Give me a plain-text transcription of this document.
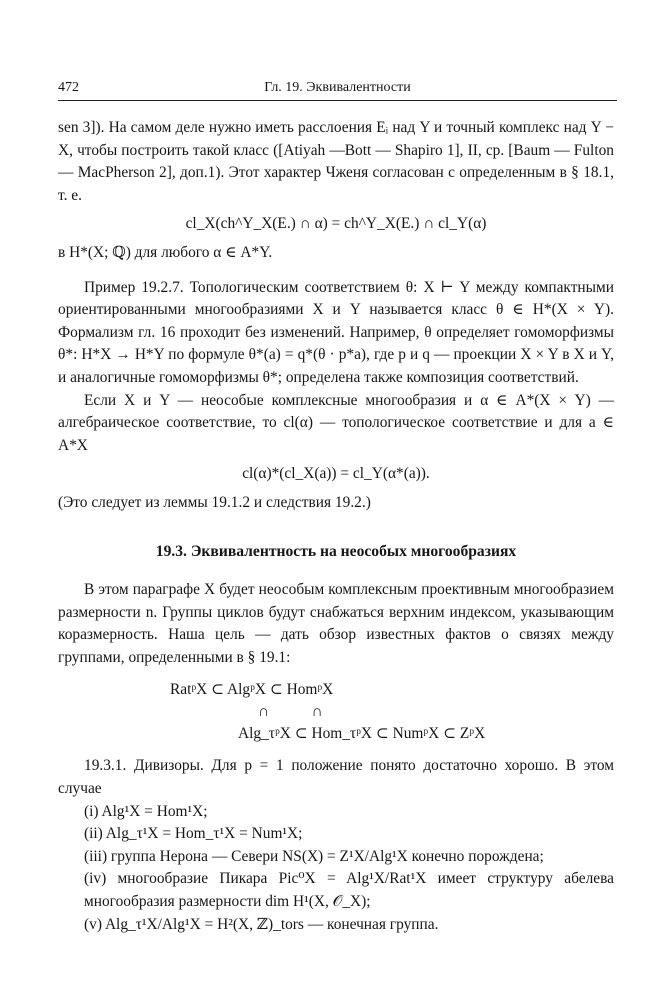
472	Гл. 19. Эквивалентности

sen 3]). На самом деле нужно иметь расслоения Eᵢ над Y и точный комплекс над Y − X, чтобы построить такой класс ([Atiyah —Bott — Shapiro 1], II, ср. [Baum — Fulton — MacPherson 2], доп.1). Этот характер Чженя согласован с определенным в § 18.1, т. е.

cl_X(ch^Y_X(E.) ∩ α) = ch^Y_X(E.) ∩ cl_Y(α)

в H*(X; ℚ) для любого α ∈ A*Y.

Пример 19.2.7. Топологическим соответствием θ: X ⊢ Y между компактными ориентированными многообразиями X и Y называется класс θ ∈ H*(X × Y). Формализм гл. 16 проходит без изменений. Например, θ определяет гомоморфизмы θ*: H*X → H*Y по формуле θ*(a) = q*(θ · p*a), где p и q — проекции X × Y в X и Y, и аналогичные гомоморфизмы θ*; определена также композиция соответствий.

Если X и Y — неособые комплексные многообразия и α ∈ A*(X × Y) — алгебраическое соответствие, то cl(α) — топологическое соответствие и для a ∈ A*X

cl(α)*(cl_X(a)) = cl_Y(α*(a)).

(Это следует из леммы 19.1.2 и следствия 19.2.)

19.3. Эквивалентность на неособых многообразиях

В этом параграфе X будет неособым комплексным проективным многообразием размерности n. Группы циклов будут снабжаться верхним индексом, указывающим коразмерность. Наша цель — дать обзор известных фактов о связях между группами, определенными в § 19.1:

RatᵖX ⊂ AlgᵖX ⊂ HomᵖX
∩           ∩
Alg_τᵖX ⊂ Hom_τᵖX ⊂ NumᵖX ⊂ ZᵖX

19.3.1. Дивизоры. Для p = 1 положение понято достаточно хорошо. В этом случае

(i) Alg¹X = Hom¹X;

(ii) Alg_τ¹X = Hom_τ¹X = Num¹X;

(iii) группа Нерона — Севери NS(X) = Z¹X/Alg¹X конечно порождена;

(iv) многообразие Пикара Pic⁰X = Alg¹X/Rat¹X имеет структуру абелева многообразия размерности dim H¹(X, 𝒪_X);

(v) Alg_τ¹X/Alg¹X = H²(X, ℤ)_tors — конечная группа.
